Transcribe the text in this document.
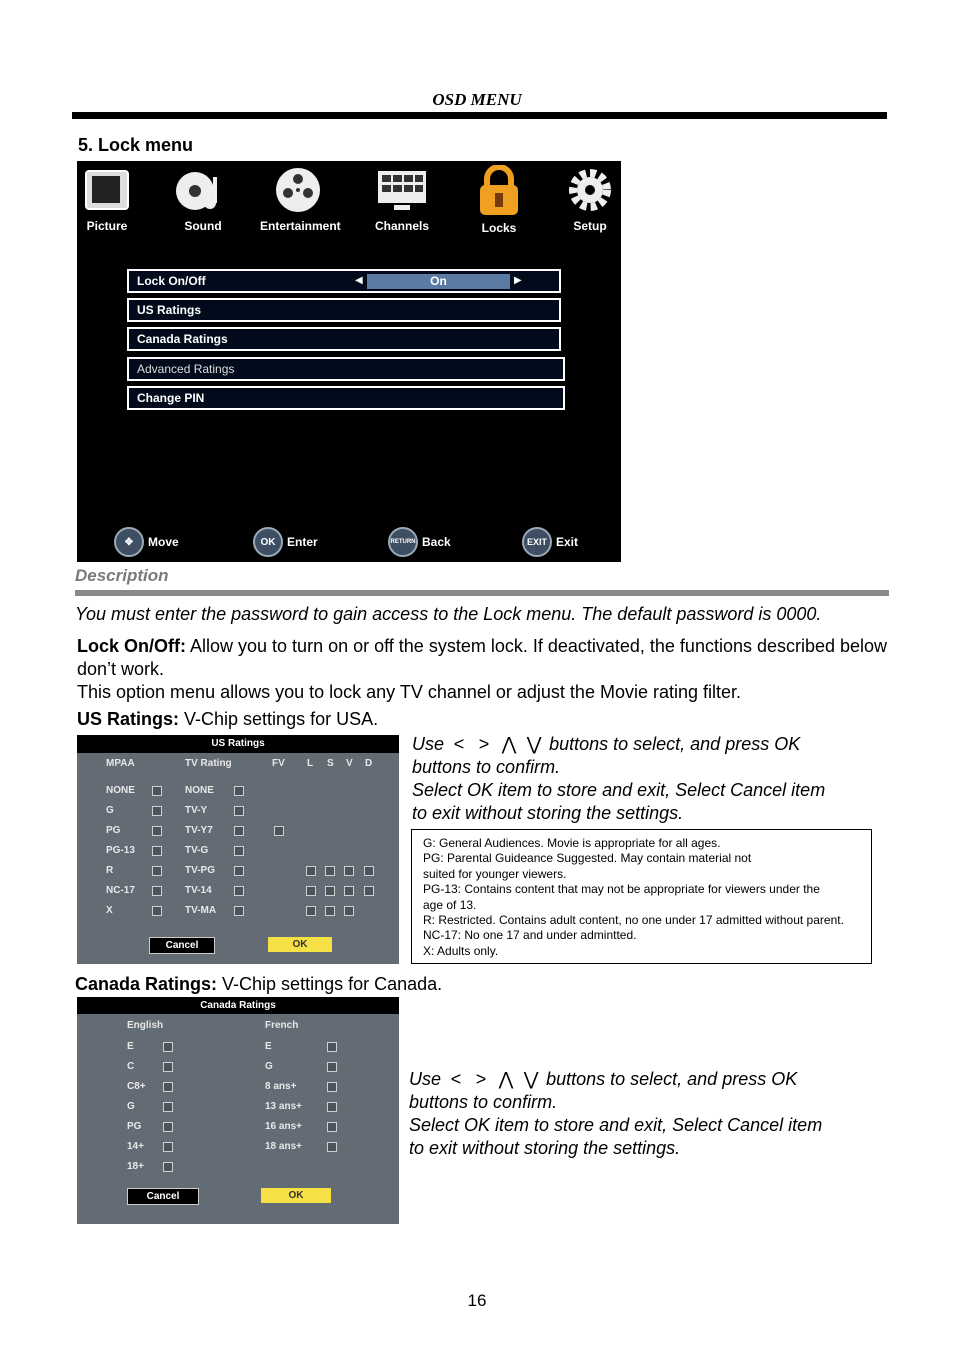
OSD MENU
5. Lock menu
Picture	Sound	Entertainment	Channels	Locks	Setup
Lock On/Off	◀	On	▶
US Ratings
Canada Ratings
Advanced Ratings
Change PIN
✥	Move	OK Enter	RETURN Back	EXIT Exit
Description
You must enter the password to gain access to the Lock menu. The default password is 0000.
Lock On/Off: Allow you to turn on or off the system lock. If deactivated, the functions described below don’t work.
This option menu allows you to lock any TV channel or adjust the Movie rating filter.
US Ratings: V-Chip settings for USA.
US Ratings
MPAA	TV Rating	FV L S V D
NONE	NONE
G	TV-Y
PG	TV-Y7
PG-13	TV-G
R	TV-PG
NC-17	TV-14
X	TV-MA
Cancel	OK
Use < > ⋀ ⋁ buttons to select, and press OK
buttons to confirm.
Select OK item to store and exit, Select Cancel item
to exit without storing the settings.
G: General Audiences. Movie is appropriate for all ages.
PG: Parental Guideance Suggested. May contain material not
suited for younger viewers.
PG-13: Contains content that may not be appropriate for viewers under the
age of 13.
R: Restricted. Contains adult content, no one under 17 admitted without parent.
NC-17: No one 17 and under admintted.
X: Adults only.
Canada Ratings: V-Chip settings for Canada.
Canada Ratings
English	French
E	E
C	G
C8+	8 ans+
G	13 ans+
PG	16 ans+
14+	18 ans+
18+
Cancel	OK
Use < > ⋀ ⋁ buttons to select, and press OK
buttons to confirm.
Select OK item to store and exit, Select Cancel item
to exit without storing the settings.
16
